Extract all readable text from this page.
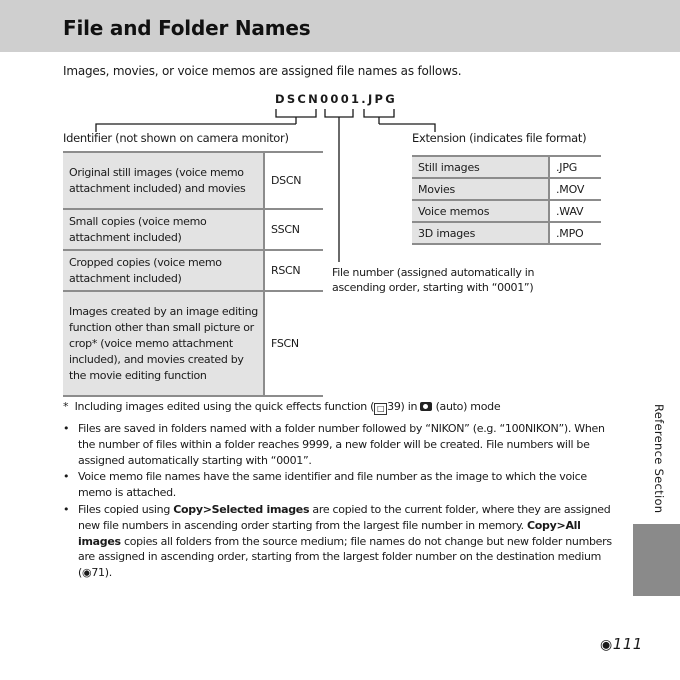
File and Folder Names
Images, movies, or voice memos are assigned file names as follows.
DSCN0001.JPG
Identifier (not shown on camera monitor)
Original still images (voice memo attachment included) and movies	DSCN
Small copies (voice memo attachment included)	SSCN
Cropped copies (voice memo attachment included)	RSCN
Images created by an image editing function other than small picture or crop* (voice memo attachment included), and movies created by the movie editing function	FSCN
Extension (indicates file format)
Still images	.JPG
Movies	.MOV
Voice memos	.WAV
3D images	.MPO
File number (assigned automatically in ascending order, starting with “0001”)
* Including images edited using the quick effects function ( □ 39) in (auto) mode
• Files are saved in folders named with a folder number followed by “NIKON” (e.g. “100NIKON”). When the number of files within a folder reaches 9999, a new folder will be created. File numbers will be assigned automatically starting with “0001”.
• Voice memo file names have the same identifier and file number as the image to which the voice memo is attached.
• Files copied using Copy>Selected images are copied to the current folder, where they are assigned new file numbers in ascending order starting from the largest file number in memory. Copy>All images copies all folders from the source medium; file names do not change but new folder numbers are assigned in ascending order, starting from the largest folder number on the destination medium (◉71).
Reference Section
◉111
